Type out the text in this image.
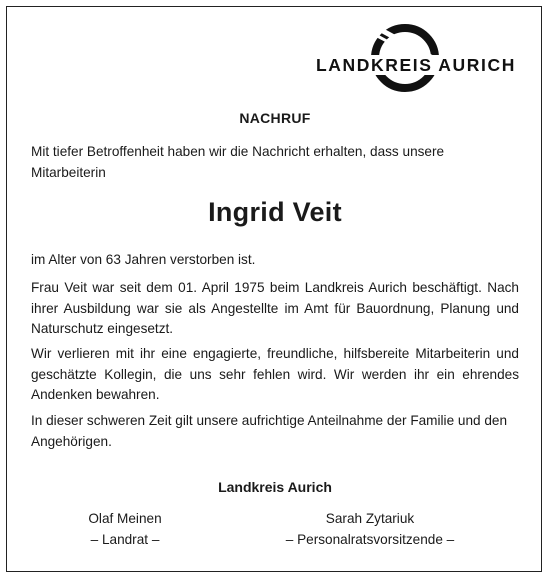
LANDKREIS AURICH
NACHRUF

Mit tiefer Betroffenheit haben wir die Nachricht erhalten, dass unsere Mitarbeiterin

Ingrid Veit

im Alter von 63 Jahren verstorben ist.

Frau Veit war seit dem 01. April 1975 beim Landkreis Aurich beschäftigt. Nach ihrer Ausbildung war sie als Angestellte im Amt für Bauordnung, Planung und Naturschutz eingesetzt.

Wir verlieren mit ihr eine engagierte, freundliche, hilfsbereite Mitarbeiterin und geschätzte Kollegin, die uns sehr fehlen wird. Wir werden ihr ein ehrendes Andenken bewahren.

In dieser schweren Zeit gilt unsere aufrichtige Anteilnahme der Familie und den Angehörigen.

Landkreis Aurich
Olaf Meinen
– Landrat –
Sarah Zytariuk
– Personalratsvorsitzende –
